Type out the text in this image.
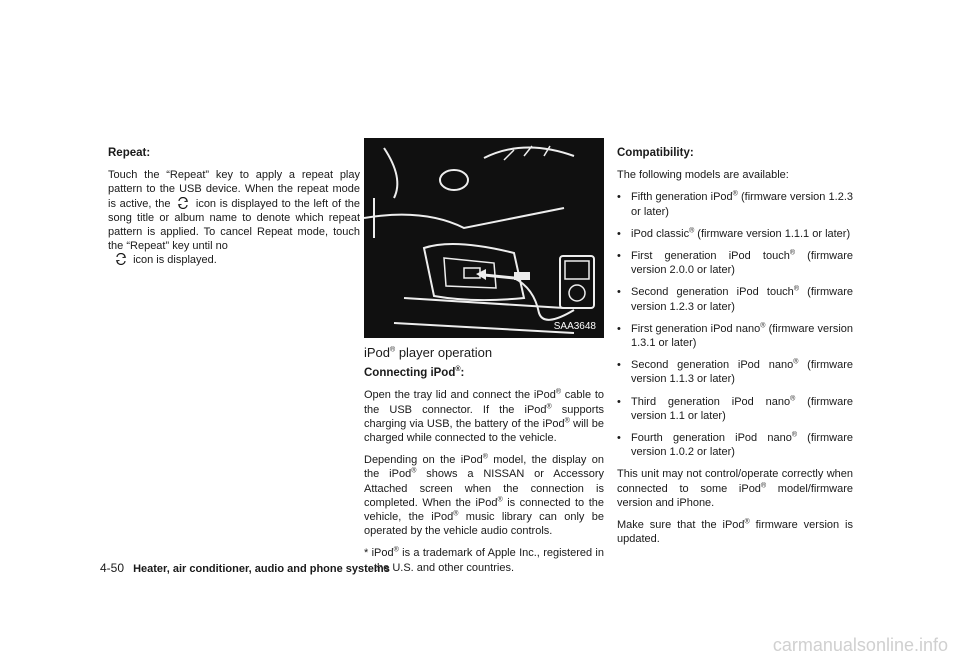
Repeat:

Touch the “Repeat” key to apply a repeat play pattern to the USB device. When the repeat mode is active, the icon is displayed to the left of the song title or album name to denote which repeat pattern is applied. To cancel Repeat mode, touch the “Repeat” key until no
icon is displayed.

SAA3648
iPod® player operation
Connecting iPod®:

Open the tray lid and connect the iPod® cable to the USB connector. If the iPod® supports charging via USB, the battery of the iPod® will be charged while connected to the vehicle.

Depending on the iPod® model, the display on the iPod® shows a NISSAN or Accessory Attached screen when the connection is completed. When the iPod® is connected to the vehicle, the iPod® music library can only be operated by the vehicle audio controls.

* iPod® is a trademark of Apple Inc., registered in the U.S. and other countries.

Compatibility:

The following models are available:

• Fifth generation iPod® (firmware version 1.2.3 or later)
• iPod classic® (firmware version 1.1.1 or later)
• First generation iPod touch® (firmware version 2.0.0 or later)
• Second generation iPod touch® (firmware version 1.2.3 or later)
• First generation iPod nano® (firmware version 1.3.1 or later)
• Second generation iPod nano® (firmware version 1.1.3 or later)
• Third generation iPod nano® (firmware version 1.1 or later)
• Fourth generation iPod nano® (firmware version 1.0.2 or later)

This unit may not control/operate correctly when connected to some iPod® model/firmware version and iPhone.

Make sure that the iPod® firmware version is updated.

4-50 Heater, air conditioner, audio and phone systems
carmanualsonline.info
